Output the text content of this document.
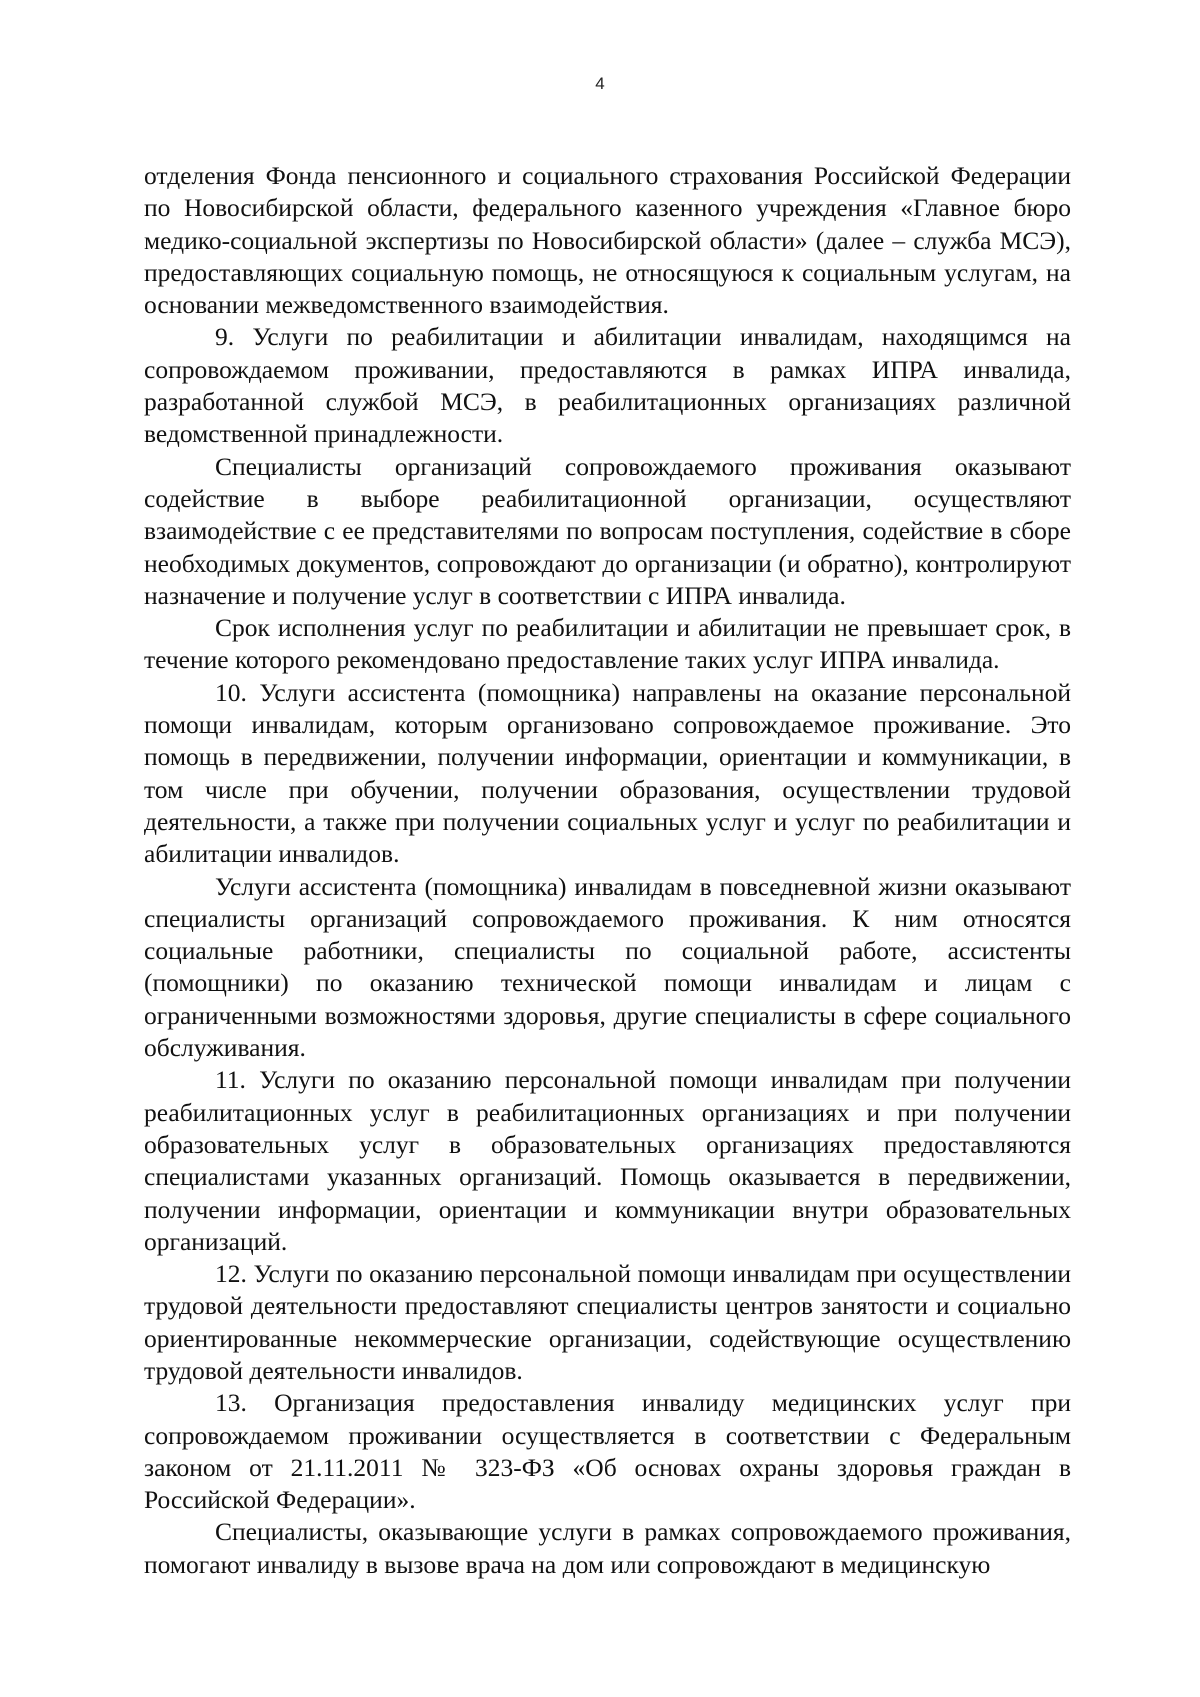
4

отделения Фонда пенсионного и социального страхования Российской Федерации по Новосибирской области, федерального казенного учреждения «Главное бюро медико-социальной экспертизы по Новосибирской области» (далее – служба МСЭ), предоставляющих социальную помощь, не относящуюся к социальным услугам, на основании межведомственного взаимодействия.

9. Услуги по реабилитации и абилитации инвалидам, находящимся на сопровождаемом проживании, предоставляются в рамках ИПРА инвалида, разработанной службой МСЭ, в реабилитационных организациях различной ведомственной принадлежности.

Специалисты организаций сопровождаемого проживания оказывают содействие в выборе реабилитационной организации, осуществляют взаимодействие с ее представителями по вопросам поступления, содействие в сборе необходимых документов, сопровождают до организации (и обратно), контролируют назначение и получение услуг в соответствии с ИПРА инвалида.

Срок исполнения услуг по реабилитации и абилитации не превышает срок, в течение которого рекомендовано предоставление таких услуг ИПРА инвалида.

10. Услуги ассистента (помощника) направлены на оказание персональной помощи инвалидам, которым организовано сопровождаемое проживание. Это помощь в передвижении, получении информации, ориентации и коммуникации, в том числе при обучении, получении образования, осуществлении трудовой деятельности, а также при получении социальных услуг и услуг по реабилитации и абилитации инвалидов.

Услуги ассистента (помощника) инвалидам в повседневной жизни оказывают специалисты организаций сопровождаемого проживания. К ним относятся социальные работники, специалисты по социальной работе, ассистенты (помощники) по оказанию технической помощи инвалидам и лицам с ограниченными возможностями здоровья, другие специалисты в сфере социального обслуживания.

11. Услуги по оказанию персональной помощи инвалидам при получении реабилитационных услуг в реабилитационных организациях и при получении образовательных услуг в образовательных организациях предоставляются специалистами указанных организаций. Помощь оказывается в передвижении, получении информации, ориентации и коммуникации внутри образовательных организаций.

12. Услуги по оказанию персональной помощи инвалидам при осуществлении трудовой деятельности предоставляют специалисты центров занятости и социально ориентированные некоммерческие организации, содействующие осуществлению трудовой деятельности инвалидов.

13. Организация предоставления инвалиду медицинских услуг при сопровождаемом проживании осуществляется в соответствии с Федеральным законом от 21.11.2011 № 323-ФЗ «Об основах охраны здоровья граждан в Российской Федерации».

Специалисты, оказывающие услуги в рамках сопровождаемого проживания, помогают инвалиду в вызове врача на дом или сопровождают в медицинскую
